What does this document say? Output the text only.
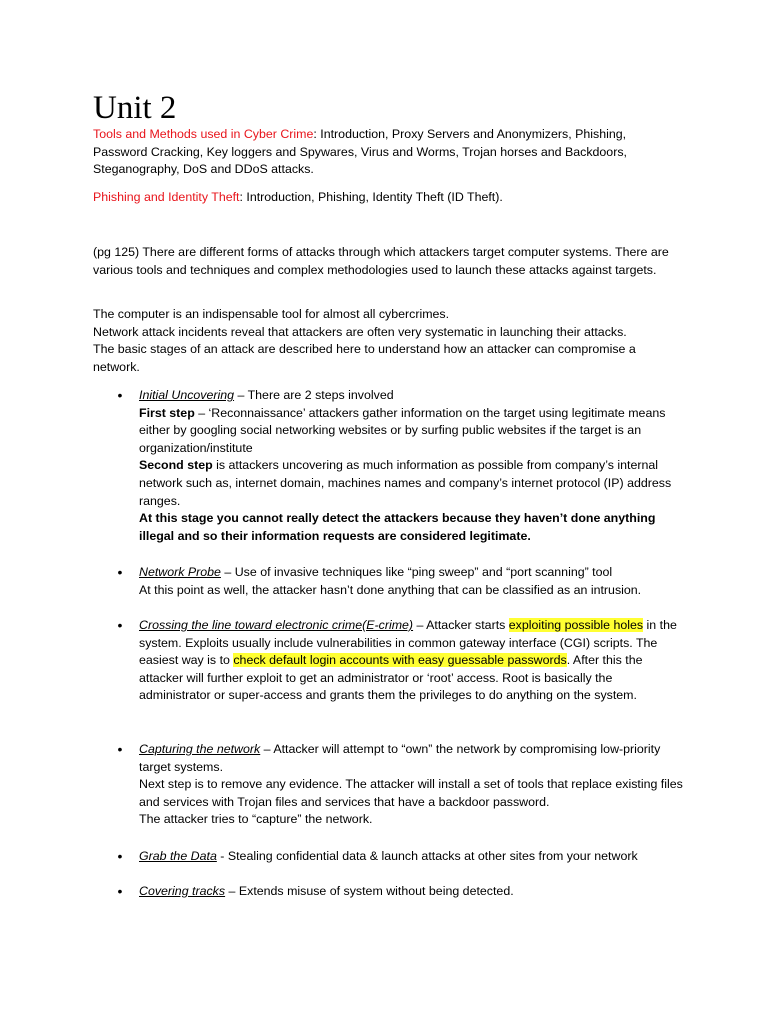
Unit 2

Tools and Methods used in Cyber Crime: Introduction, Proxy Servers and Anonymizers, Phishing, Password Cracking, Key loggers and Spywares, Virus and Worms, Trojan horses and Backdoors, Steganography, DoS and DDoS attacks.

Phishing and Identity Theft: Introduction, Phishing, Identity Theft (ID Theft).

(pg 125) There are different forms of attacks through which attackers target computer systems. There are various tools and techniques and complex methodologies used to launch these attacks against targets.

The computer is an indispensable tool for almost all cybercrimes.

Network attack incidents reveal that attackers are often very systematic in launching their attacks.

The basic stages of an attack are described here to understand how an attacker can compromise a network.

• Initial Uncovering – There are 2 steps involved

First step – ‘Reconnaissance’ attackers gather information on the target using legitimate means either by googling social networking websites or by surfing public websites if the target is an organization/institute

Second step is attackers uncovering as much information as possible from company’s internal network such as, internet domain, machines names and company’s internet protocol (IP) address ranges.

At this stage you cannot really detect the attackers because they haven’t done anything illegal and so their information requests are considered legitimate.

• Network Probe – Use of invasive techniques like “ping sweep” and “port scanning” tool

At this point as well, the attacker hasn’t done anything that can be classified as an intrusion.

• Crossing the line toward electronic crime(E-crime) – Attacker starts exploiting possible holes in the system. Exploits usually include vulnerabilities in common gateway interface (CGI) scripts. The easiest way is to check default login accounts with easy guessable passwords. After this the attacker will further exploit to get an administrator or ‘root’ access. Root is basically the administrator or super-access and grants them the privileges to do anything on the system.

• Capturing the network – Attacker will attempt to “own” the network by compromising low-priority target systems.

Next step is to remove any evidence. The attacker will install a set of tools that replace existing files and services with Trojan files and services that have a backdoor password.

The attacker tries to “capture” the network.

• Grab the Data - Stealing confidential data & launch attacks at other sites from your network

• Covering tracks – Extends misuse of system without being detected.
